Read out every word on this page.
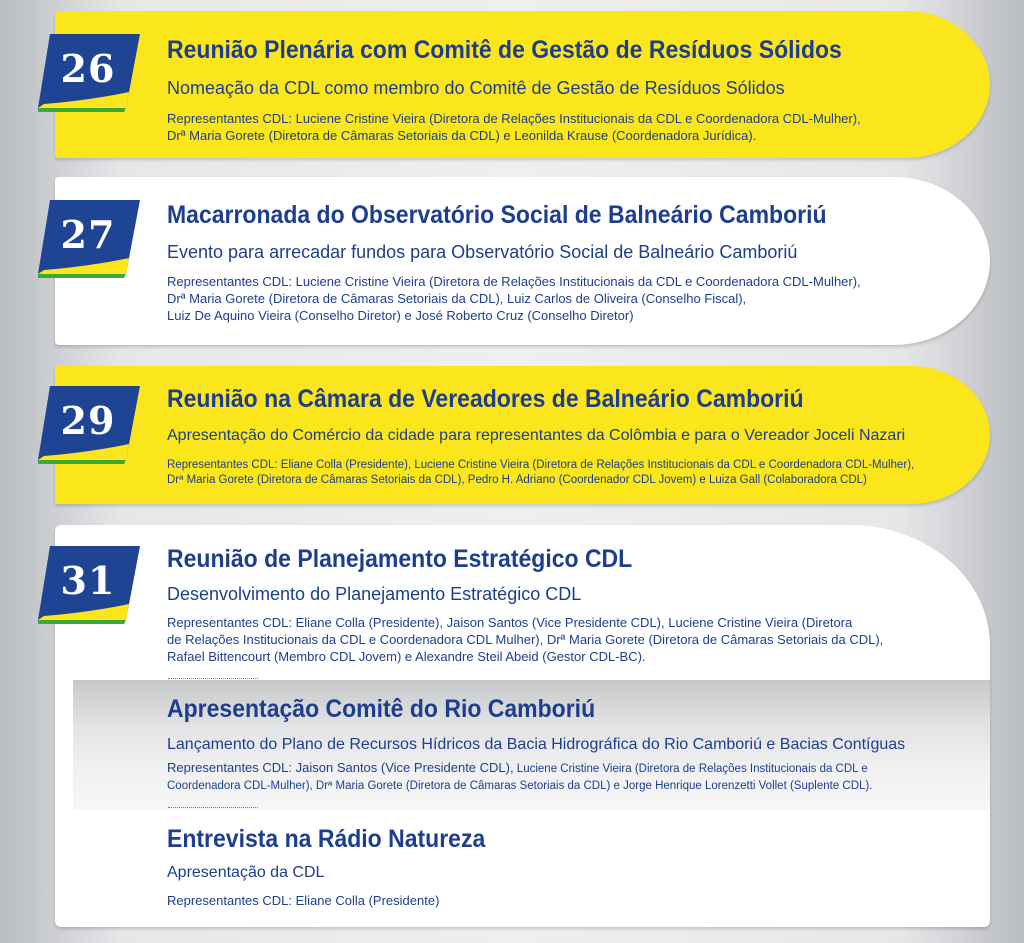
26
27
29
31
Reunião Plenária com Comitê de Gestão de Resíduos Sólidos
Nomeação da CDL como membro do Comitê de Gestão de Resíduos Sólidos
Representantes CDL: Luciene Cristine Vieira (Diretora de Relações Institucionais da CDL e Coordenadora CDL-Mulher),
Drª Maria Gorete (Diretora de Câmaras Setoriais da CDL) e Leonilda Krause (Coordenadora Jurídica).
Macarronada do Observatório Social de Balneário Camboriú
Evento para arrecadar fundos para Observatório Social de Balneário Camboriú
Representantes CDL: Luciene Cristine Vieira (Diretora de Relações Institucionais da CDL e Coordenadora CDL-Mulher),
Drª Maria Gorete (Diretora de Câmaras Setoriais da CDL), Luiz Carlos de Oliveira (Conselho Fiscal),
Luiz De Aquino Vieira (Conselho Diretor) e José Roberto Cruz (Conselho Diretor)
Reunião na Câmara de Vereadores de Balneário Camboriú
Apresentação do Comércio da cidade para representantes da Colômbia e para o Vereador Joceli Nazari
Representantes CDL: Eliane Colla (Presidente), Luciene Cristine Vieira (Diretora de Relações Institucionais da CDL e Coordenadora CDL-Mulher),
Drª Maria Gorete (Diretora de Câmaras Setoriais da CDL), Pedro H. Adriano (Coordenador CDL Jovem) e Luiza Gall (Colaboradora CDL)
Reunião de Planejamento Estratégico CDL
Desenvolvimento do Planejamento Estratégico CDL
Representantes CDL: Eliane Colla (Presidente), Jaison Santos (Vice Presidente CDL), Luciene Cristine Vieira (Diretora
de Relações Institucionais da CDL e Coordenadora CDL Mulher), Drª Maria Gorete (Diretora de Câmaras Setoriais da CDL),
Rafael Bittencourt (Membro CDL Jovem) e Alexandre Steil Abeid (Gestor CDL-BC).
Apresentação Comitê do Rio Camboriú
Lançamento do Plano de Recursos Hídricos da Bacia Hidrográfica do Rio Camboriú e Bacias Contíguas
Representantes CDL: Jaison Santos (Vice Presidente CDL), Luciene Cristine Vieira (Diretora de Relações Institucionais da CDL e
Coordenadora CDL-Mulher), Drª Maria Gorete (Diretora de Câmaras Setoriais da CDL) e Jorge Henrique Lorenzetti Vollet (Suplente CDL).
Entrevista na Rádio Natureza
Apresentação da CDL
Representantes CDL: Eliane Colla (Presidente)
